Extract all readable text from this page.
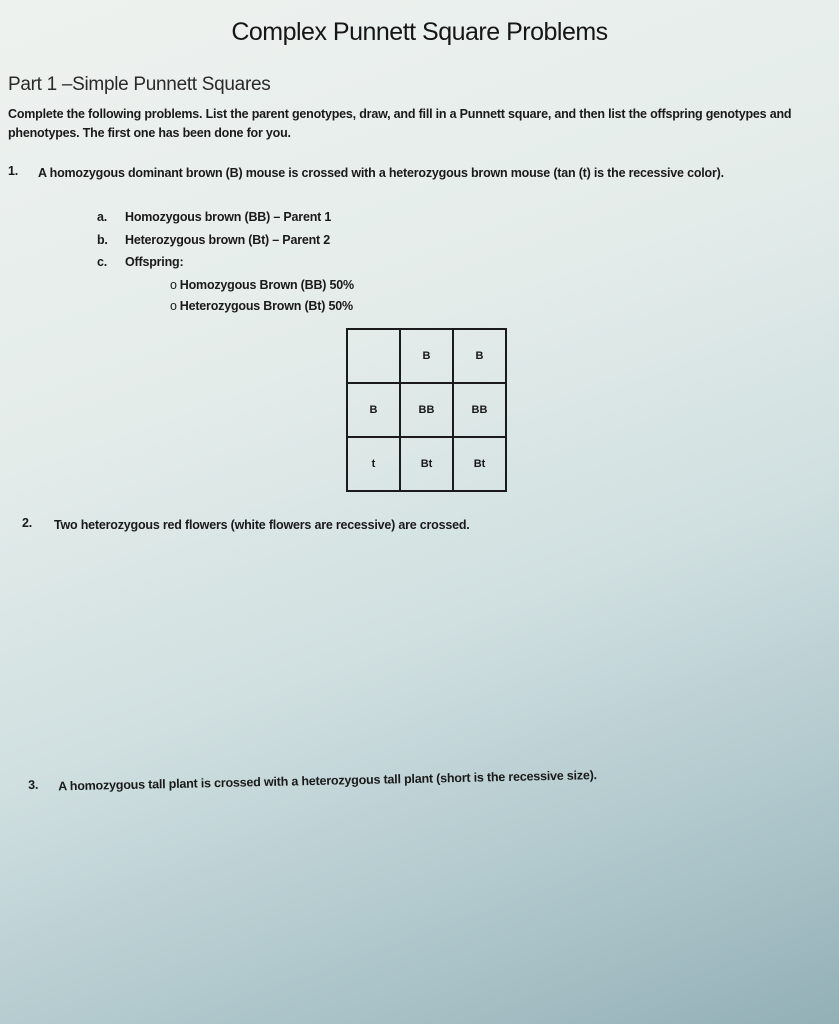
Complex Punnett Square Problems
Part 1 –Simple Punnett Squares
Complete the following problems. List the parent genotypes, draw, and fill in a Punnett square, and then list the offspring genotypes and phenotypes. The first one has been done for you.
1. A homozygous dominant brown (B) mouse is crossed with a heterozygous brown mouse (tan (t) is the recessive color).
a. Homozygous brown (BB) – Parent 1
b. Heterozygous brown (Bt) – Parent 2
c. Offspring:
o Homozygous Brown (BB) 50%
o Heterozygous Brown (Bt) 50%
	B	B
B	BB	BB
t	Bt	Bt
2. Two heterozygous red flowers (white flowers are recessive) are crossed.
3. A homozygous tall plant is crossed with a heterozygous tall plant (short is the recessive size).
